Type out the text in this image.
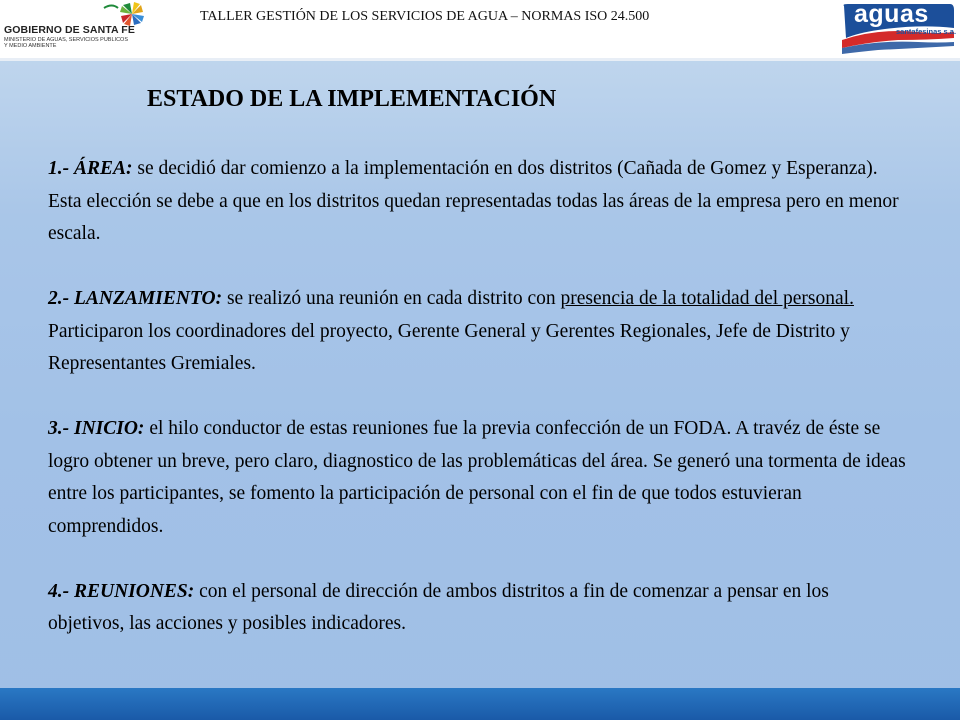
GOBIERNO DE SANTA FE
MINISTERIO DE AGUAS, SERVICIOS PUBLICOS
Y MEDIO AMBIENTE
TALLER GESTIÓN DE LOS SERVICIOS DE AGUA – NORMAS ISO 24.500	aguas
santafesinas s.a.
ESTADO DE LA IMPLEMENTACIÓN

1.- ÁREA: se decidió dar comienzo a la implementación en dos distritos (Cañada de Gomez y Esperanza). Esta elección se debe a que en los distritos quedan representadas todas las áreas de la empresa pero en menor escala.

2.- LANZAMIENTO: se realizó una reunión en cada distrito con presencia de la totalidad del personal. Participaron los coordinadores del proyecto, Gerente General y Gerentes Regionales, Jefe de Distrito y Representantes Gremiales.

3.- INICIO: el hilo conductor de estas reuniones fue la previa confección de un FODA. A travéz de éste se logro obtener un breve, pero claro, diagnostico de las problemáticas del área. Se generó una tormenta de ideas entre los participantes, se fomento la participación de personal con el fin de que todos estuvieran comprendidos.

4.- REUNIONES: con el personal de dirección de ambos distritos a fin de comenzar a pensar en los objetivos, las acciones y posibles indicadores.
